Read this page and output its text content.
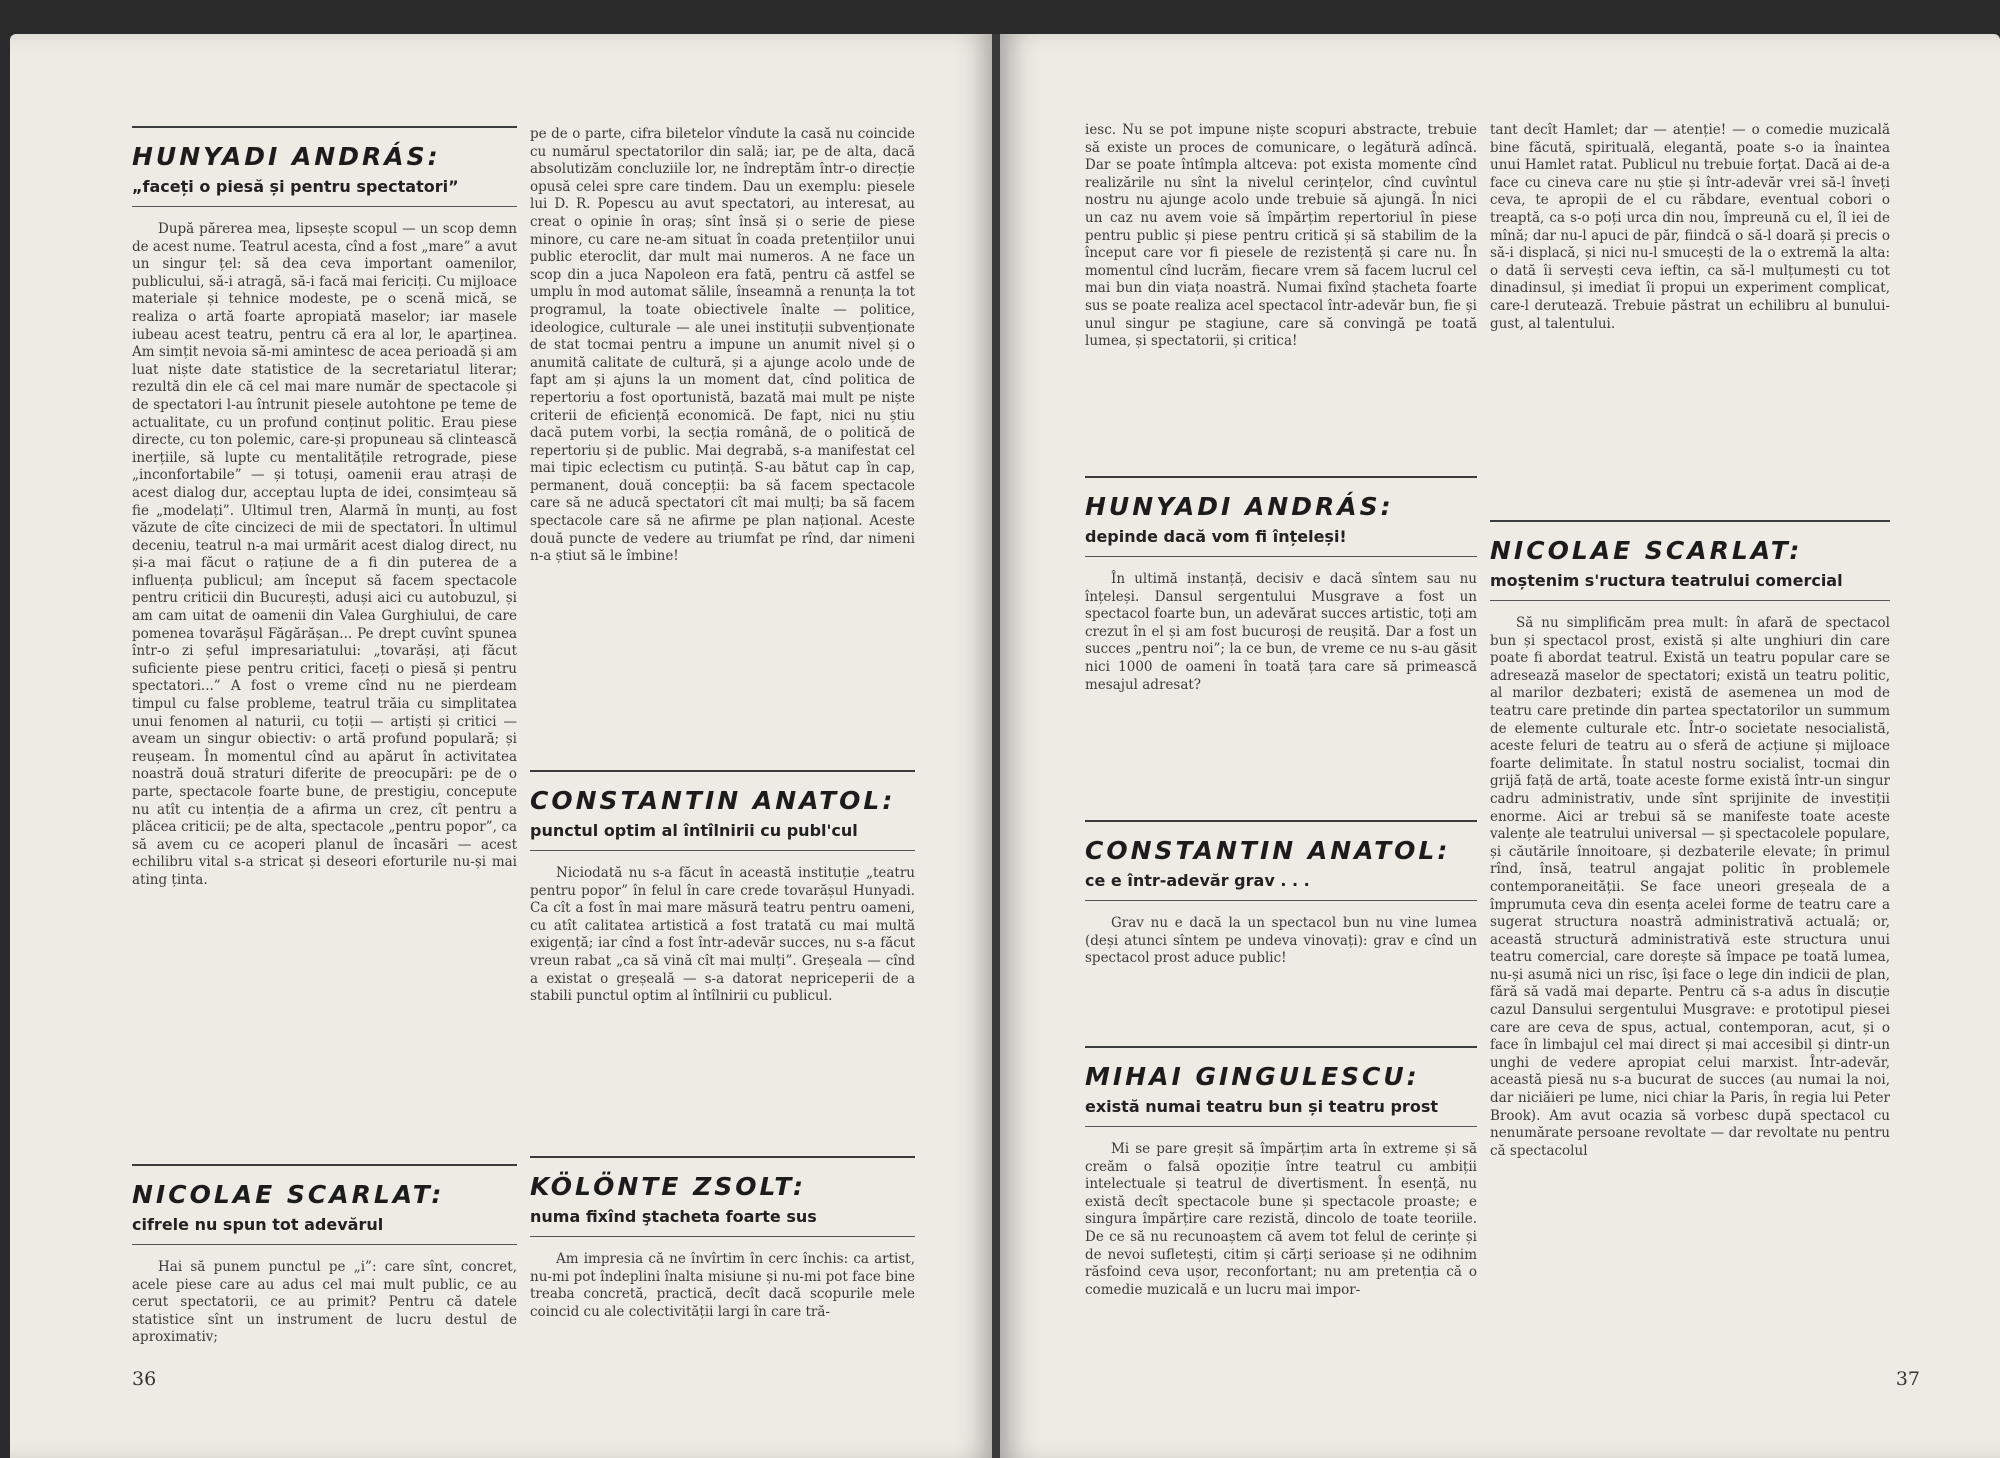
HUNYADI ANDRÁS:
„faceți o piesă și pentru spectatori”
După părerea mea, lipsește scopul — un scop demn de acest nume. Teatrul acesta, cînd a fost „mare” a avut un singur țel: să dea ceva important oamenilor, publicului, să-i atragă, să-i facă mai fericiți. Cu mijloace materiale și tehnice modeste, pe o scenă mică, se realiza o artă foarte apropiată maselor; iar masele iubeau acest teatru, pentru că era al lor, le aparținea. Am simțit nevoia să-mi amintesc de acea perioadă și am luat niște date statistice de la secretariatul literar; rezultă din ele că cel mai mare număr de spectacole și de spectatori l-au întrunit piesele autohtone pe teme de actualitate, cu un profund conținut politic. Erau piese directe, cu ton polemic, care-și propuneau să clintească inerțiile, să lupte cu mentalitățile retrograde, piese „inconfortabile” — și totuși, oamenii erau atrași de acest dialog dur, acceptau lupta de idei, consimțeau să fie „modelați”. Ultimul tren, Alarmă în munți, au fost văzute de cîte cincizeci de mii de spectatori. În ultimul deceniu, teatrul n-a mai urmărit acest dialog direct, nu și-a mai făcut o rațiune de a fi din puterea de a influența publicul; am început să facem spectacole pentru criticii din București, aduși aici cu autobuzul, și am cam uitat de oamenii din Valea Gurghiului, de care pomenea tovarășul Făgărășan... Pe drept cuvînt spunea într-o zi șeful impresariatului: „tovarăși, ați făcut suficiente piese pentru critici, faceți o piesă și pentru spectatori...” A fost o vreme cînd nu ne pierdeam timpul cu false probleme, teatrul trăia cu simplitatea unui fenomen al naturii, cu toții — artiști și critici — aveam un singur obiectiv: o artă profund populară; și reușeam. În momentul cînd au apărut în activitatea noastră două straturi diferite de preocupări: pe de o parte, spectacole foarte bune, de prestigiu, concepute nu atît cu intenția de a afirma un crez, cît pentru a plăcea criticii; pe de alta, spectacole „pentru popor”, ca să avem cu ce acoperi planul de încasări — acest echilibru vital s-a stricat și deseori eforturile nu-și mai ating ținta.
NICOLAE SCARLAT:
cifrele nu spun tot adevărul
Hai să punem punctul pe „i”: care sînt, concret, acele piese care au adus cel mai mult public, ce au cerut spectatorii, ce au primit? Pentru că datele statistice sînt un instrument de lucru destul de aproximativ;
pe de o parte, cifra biletelor vîndute la casă nu coincide cu numărul spectatorilor din sală; iar, pe de alta, dacă absolutizăm concluziile lor, ne îndreptăm într-o direcție opusă celei spre care tindem. Dau un exemplu: piesele lui D. R. Popescu au avut spectatori, au interesat, au creat o opinie în oraș; sînt însă și o serie de piese minore, cu care ne-am situat în coada pretențiilor unui public eteroclit, dar mult mai numeros. A ne face un scop din a juca Napoleon era fată, pentru că astfel se umplu în mod automat sălile, înseamnă a renunța la tot programul, la toate obiectivele înalte — politice, ideologice, culturale — ale unei instituții subvenționate de stat tocmai pentru a impune un anumit nivel și o anumită calitate de cultură, și a ajunge acolo unde de fapt am și ajuns la un moment dat, cînd politica de repertoriu a fost oportunistă, bazată mai mult pe niște criterii de eficiență economică. De fapt, nici nu știu dacă putem vorbi, la secția română, de o politică de repertoriu și de public. Mai degrabă, s-a manifestat cel mai tipic eclectism cu putință. S-au bătut cap în cap, permanent, două concepții: ba să facem spectacole care să ne aducă spectatori cît mai mulți; ba să facem spectacole care să ne afirme pe plan național. Aceste două puncte de vedere au triumfat pe rînd, dar nimeni n-a știut să le îmbine!
CONSTANTIN ANATOL:
punctul optim al întîlnirii cu publ'cul
Niciodată nu s-a făcut în această instituție „teatru pentru popor” în felul în care crede tovarășul Hunyadi. Ca cît a fost în mai mare măsură teatru pentru oameni, cu atît calitatea artistică a fost tratată cu mai multă exigență; iar cînd a fost într-adevăr succes, nu s-a făcut vreun rabat „ca să vină cît mai mulți”. Greșeala — cînd a existat o greșeală — s-a datorat nepriceperii de a stabili punctul optim al întîlnirii cu publicul.
KÖLÖNTE ZSOLT:
numa fixînd ştacheta foarte sus
Am impresia că ne învîrtim în cerc închis: ca artist, nu-mi pot îndeplini înalta misiune și nu-mi pot face bine treaba concretă, practică, decît dacă scopurile mele coincid cu ale colectivității largi în care tră-
36
iesc. Nu se pot impune niște scopuri abstracte, trebuie să existe un proces de comunicare, o legătură adîncă. Dar se poate întîmpla altceva: pot exista momente cînd realizările nu sînt la nivelul cerințelor, cînd cuvîntul nostru nu ajunge acolo unde trebuie să ajungă. În nici un caz nu avem voie să împărțim repertoriul în piese pentru public și piese pentru critică și să stabilim de la început care vor fi piesele de rezistență și care nu. În momentul cînd lucrăm, fiecare vrem să facem lucrul cel mai bun din viața noastră. Numai fixînd ștacheta foarte sus se poate realiza acel spectacol într-adevăr bun, fie și unul singur pe stagiune, care să convingă pe toată lumea, și spectatorii, și critica!
HUNYADI ANDRÁS:
depinde dacă vom fi înțeleși!
În ultimă instanță, decisiv e dacă sîntem sau nu înțeleși. Dansul sergentului Musgrave a fost un spectacol foarte bun, un adevărat succes artistic, toți am crezut în el și am fost bucuroși de reușită. Dar a fost un succes „pentru noi”; la ce bun, de vreme ce nu s-au găsit nici 1000 de oameni în toată țara care să primească mesajul adresat?
CONSTANTIN ANATOL:
ce e într-adevăr grav . . .
Grav nu e dacă la un spectacol bun nu vine lumea (deși atunci sîntem pe undeva vinovați): grav e cînd un spectacol prost aduce public!
MIHAI GINGULESCU:
există numai teatru bun și teatru prost
Mi se pare greșit să împărțim arta în extreme și să creăm o falsă opoziție între teatrul cu ambiții intelectuale și teatrul de divertisment. În esență, nu există decît spectacole bune și spectacole proaste; e singura împărțire care rezistă, dincolo de toate teoriile. De ce să nu recunoaștem că avem tot felul de cerințe și de nevoi sufletești, citim și cărți serioase și ne odihnim răsfoind ceva ușor, reconfortant; nu am pretenția că o comedie muzicală e un lucru mai impor-
tant decît Hamlet; dar — atenție! — o comedie muzicală bine făcută, spirituală, elegantă, poate s-o ia înaintea unui Hamlet ratat. Publicul nu trebuie forțat. Dacă ai de-a face cu cineva care nu știe și într-adevăr vrei să-l înveți ceva, te apropii de el cu răbdare, eventual cobori o treaptă, ca s-o poți urca din nou, împreună cu el, îl iei de mînă; dar nu-l apuci de păr, fiindcă o să-l doară și precis o să-i displacă, și nici nu-l smucești de la o extremă la alta: o dată îi servești ceva ieftin, ca să-l mulțumești cu tot dinadinsul, și imediat îi propui un experiment complicat, care-l derutează. Trebuie păstrat un echilibru al bunului-gust, al talentului.
NICOLAE SCARLAT:
moștenim s'ructura teatrului comercial
Să nu simplificăm prea mult: în afară de spectacol bun și spectacol prost, există și alte unghiuri din care poate fi abordat teatrul. Există un teatru popular care se adresează maselor de spectatori; există un teatru politic, al marilor dezbateri; există de asemenea un mod de teatru care pretinde din partea spectatorilor un summum de elemente culturale etc. Într-o societate nesocialistă, aceste feluri de teatru au o sferă de acțiune și mijloace foarte delimitate. În statul nostru socialist, tocmai din grijă față de artă, toate aceste forme există într-un singur cadru administrativ, unde sînt sprijinite de investiții enorme. Aici ar trebui să se manifeste toate aceste valențe ale teatrului universal — și spectacolele populare, și căutările înnoitoare, și dezbaterile elevate; în primul rînd, însă, teatrul angajat politic în problemele contemporaneității. Se face uneori greșeala de a împrumuta ceva din esența acelei forme de teatru care a sugerat structura noastră administrativă actuală; or, această structură administrativă este structura unui teatru comercial, care dorește să împace pe toată lumea, nu-și asumă nici un risc, își face o lege din indicii de plan, fără să vadă mai departe. Pentru că s-a adus în discuție cazul Dansului sergentului Musgrave: e prototipul piesei care are ceva de spus, actual, contemporan, acut, și o face în limbajul cel mai direct și mai accesibil și dintr-un unghi de vedere apropiat celui marxist. Într-adevăr, această piesă nu s-a bucurat de succes (au numai la noi, dar niciăieri pe lume, nici chiar la Paris, în regia lui Peter Brook). Am avut ocazia să vorbesc după spectacol cu nenumărate persoane revoltate — dar revoltate nu pentru că spectacolul
37
